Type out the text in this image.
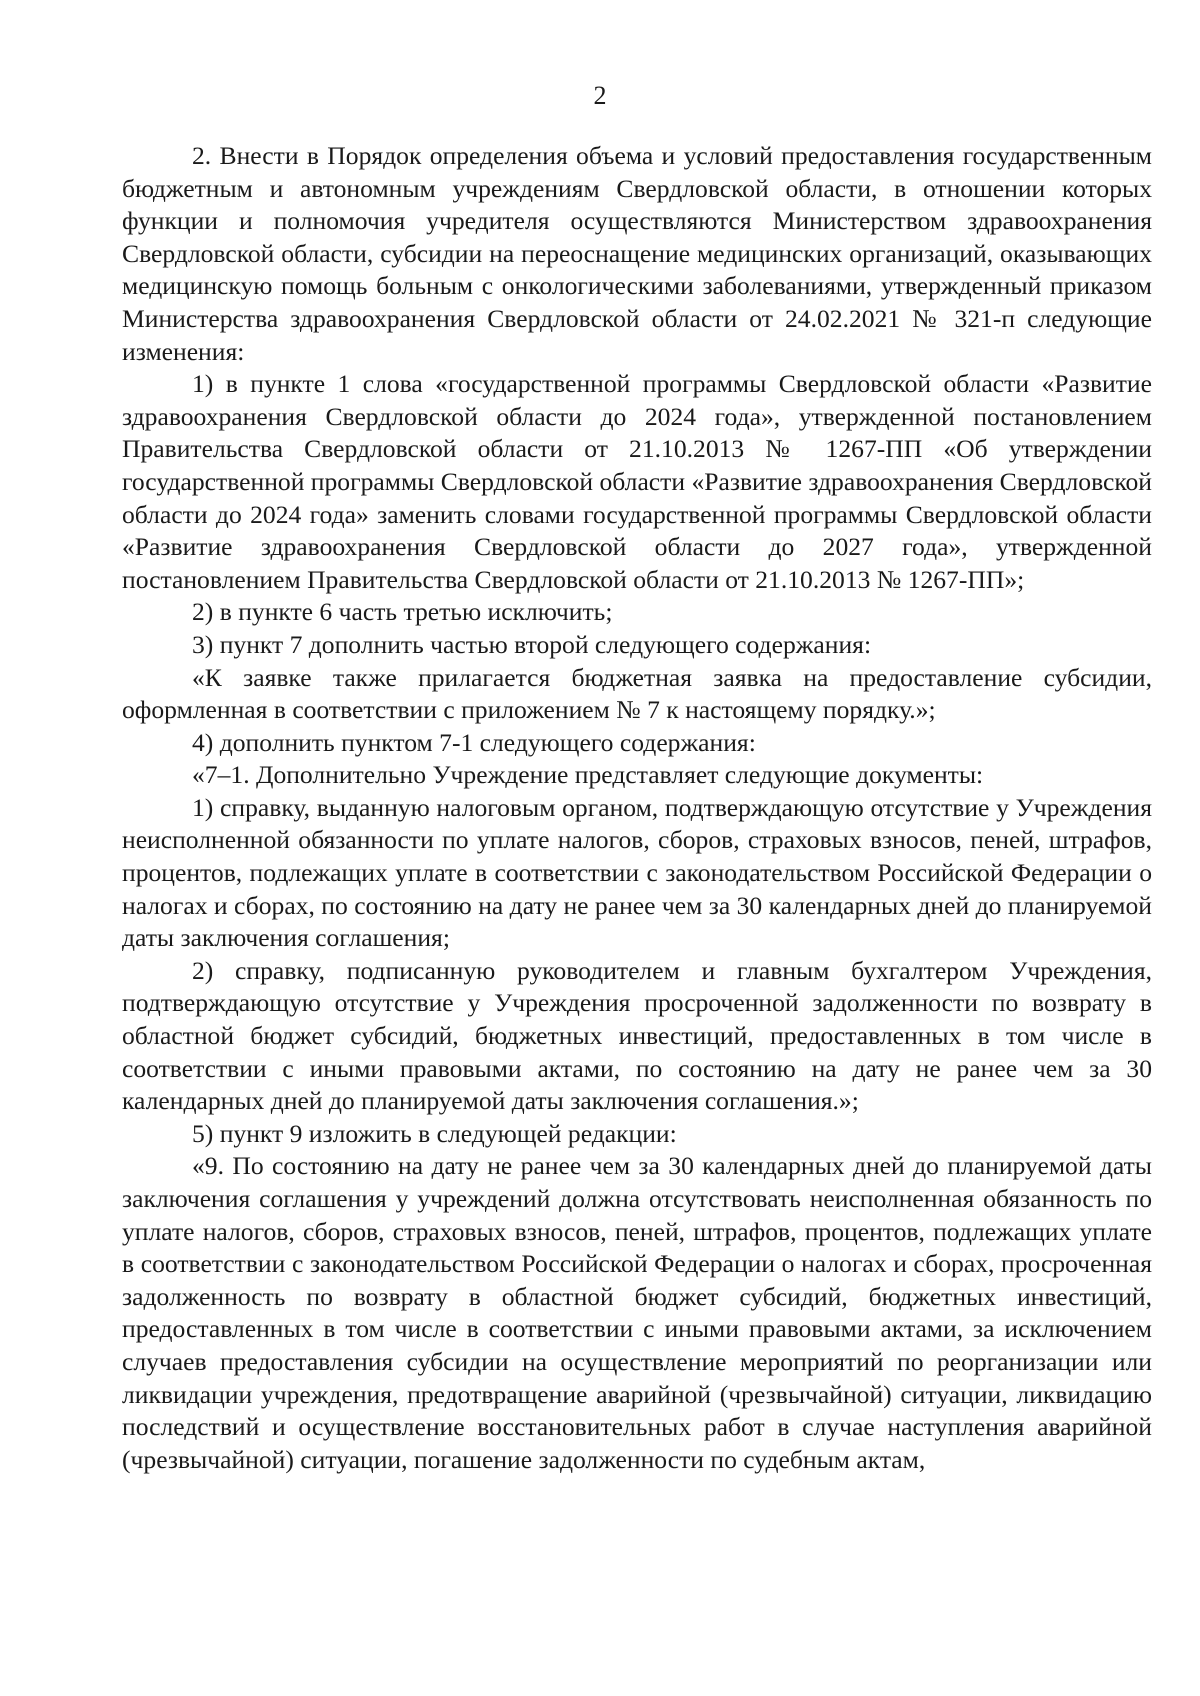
2

2. Внести в Порядок определения объема и условий предоставления государственным бюджетным и автономным учреждениям Свердловской области, в отношении которых функции и полномочия учредителя осуществляются Министерством здравоохранения Свердловской области, субсидии на переоснащение медицинских организаций, оказывающих медицинскую помощь больным с онкологическими заболеваниями, утвержденный приказом Министерства здравоохранения Свердловской области от 24.02.2021 № 321-п следующие изменения:

1) в пункте 1 слова «государственной программы Свердловской области «Развитие здравоохранения Свердловской области до 2024 года», утвержденной постановлением Правительства Свердловской области от 21.10.2013 № 1267-ПП «Об утверждении государственной программы Свердловской области «Развитие здравоохранения Свердловской области до 2024 года» заменить словами государственной программы Свердловской области «Развитие здравоохранения Свердловской области до 2027 года», утвержденной постановлением Правительства Свердловской области от 21.10.2013 № 1267-ПП»;

2) в пункте 6 часть третью исключить;

3) пункт 7 дополнить частью второй следующего содержания:

«К заявке также прилагается бюджетная заявка на предоставление субсидии, оформленная в соответствии с приложением № 7 к настоящему порядку.»;

4) дополнить пунктом 7-1 следующего содержания:

«7–1. Дополнительно Учреждение представляет следующие документы:

1) справку, выданную налоговым органом, подтверждающую отсутствие у Учреждения неисполненной обязанности по уплате налогов, сборов, страховых взносов, пеней, штрафов, процентов, подлежащих уплате в соответствии с законодательством Российской Федерации о налогах и сборах, по состоянию на дату не ранее чем за 30 календарных дней до планируемой даты заключения соглашения;

2) справку, подписанную руководителем и главным бухгалтером Учреждения, подтверждающую отсутствие у Учреждения просроченной задолженности по возврату в областной бюджет субсидий, бюджетных инвестиций, предоставленных в том числе в соответствии с иными правовыми актами, по состоянию на дату не ранее чем за 30 календарных дней до планируемой даты заключения соглашения.»;

5) пункт 9 изложить в следующей редакции:

«9. По состоянию на дату не ранее чем за 30 календарных дней до планируемой даты заключения соглашения у учреждений должна отсутствовать неисполненная обязанность по уплате налогов, сборов, страховых взносов, пеней, штрафов, процентов, подлежащих уплате в соответствии с законодательством Российской Федерации о налогах и сборах, просроченная задолженность по возврату в областной бюджет субсидий, бюджетных инвестиций, предоставленных в том числе в соответствии с иными правовыми актами, за исключением случаев предоставления субсидии на осуществление мероприятий по реорганизации или ликвидации учреждения, предотвращение аварийной (чрезвычайной) ситуации, ликвидацию последствий и осуществление восстановительных работ в случае наступления аварийной (чрезвычайной) ситуации, погашение задолженности по судебным актам,
